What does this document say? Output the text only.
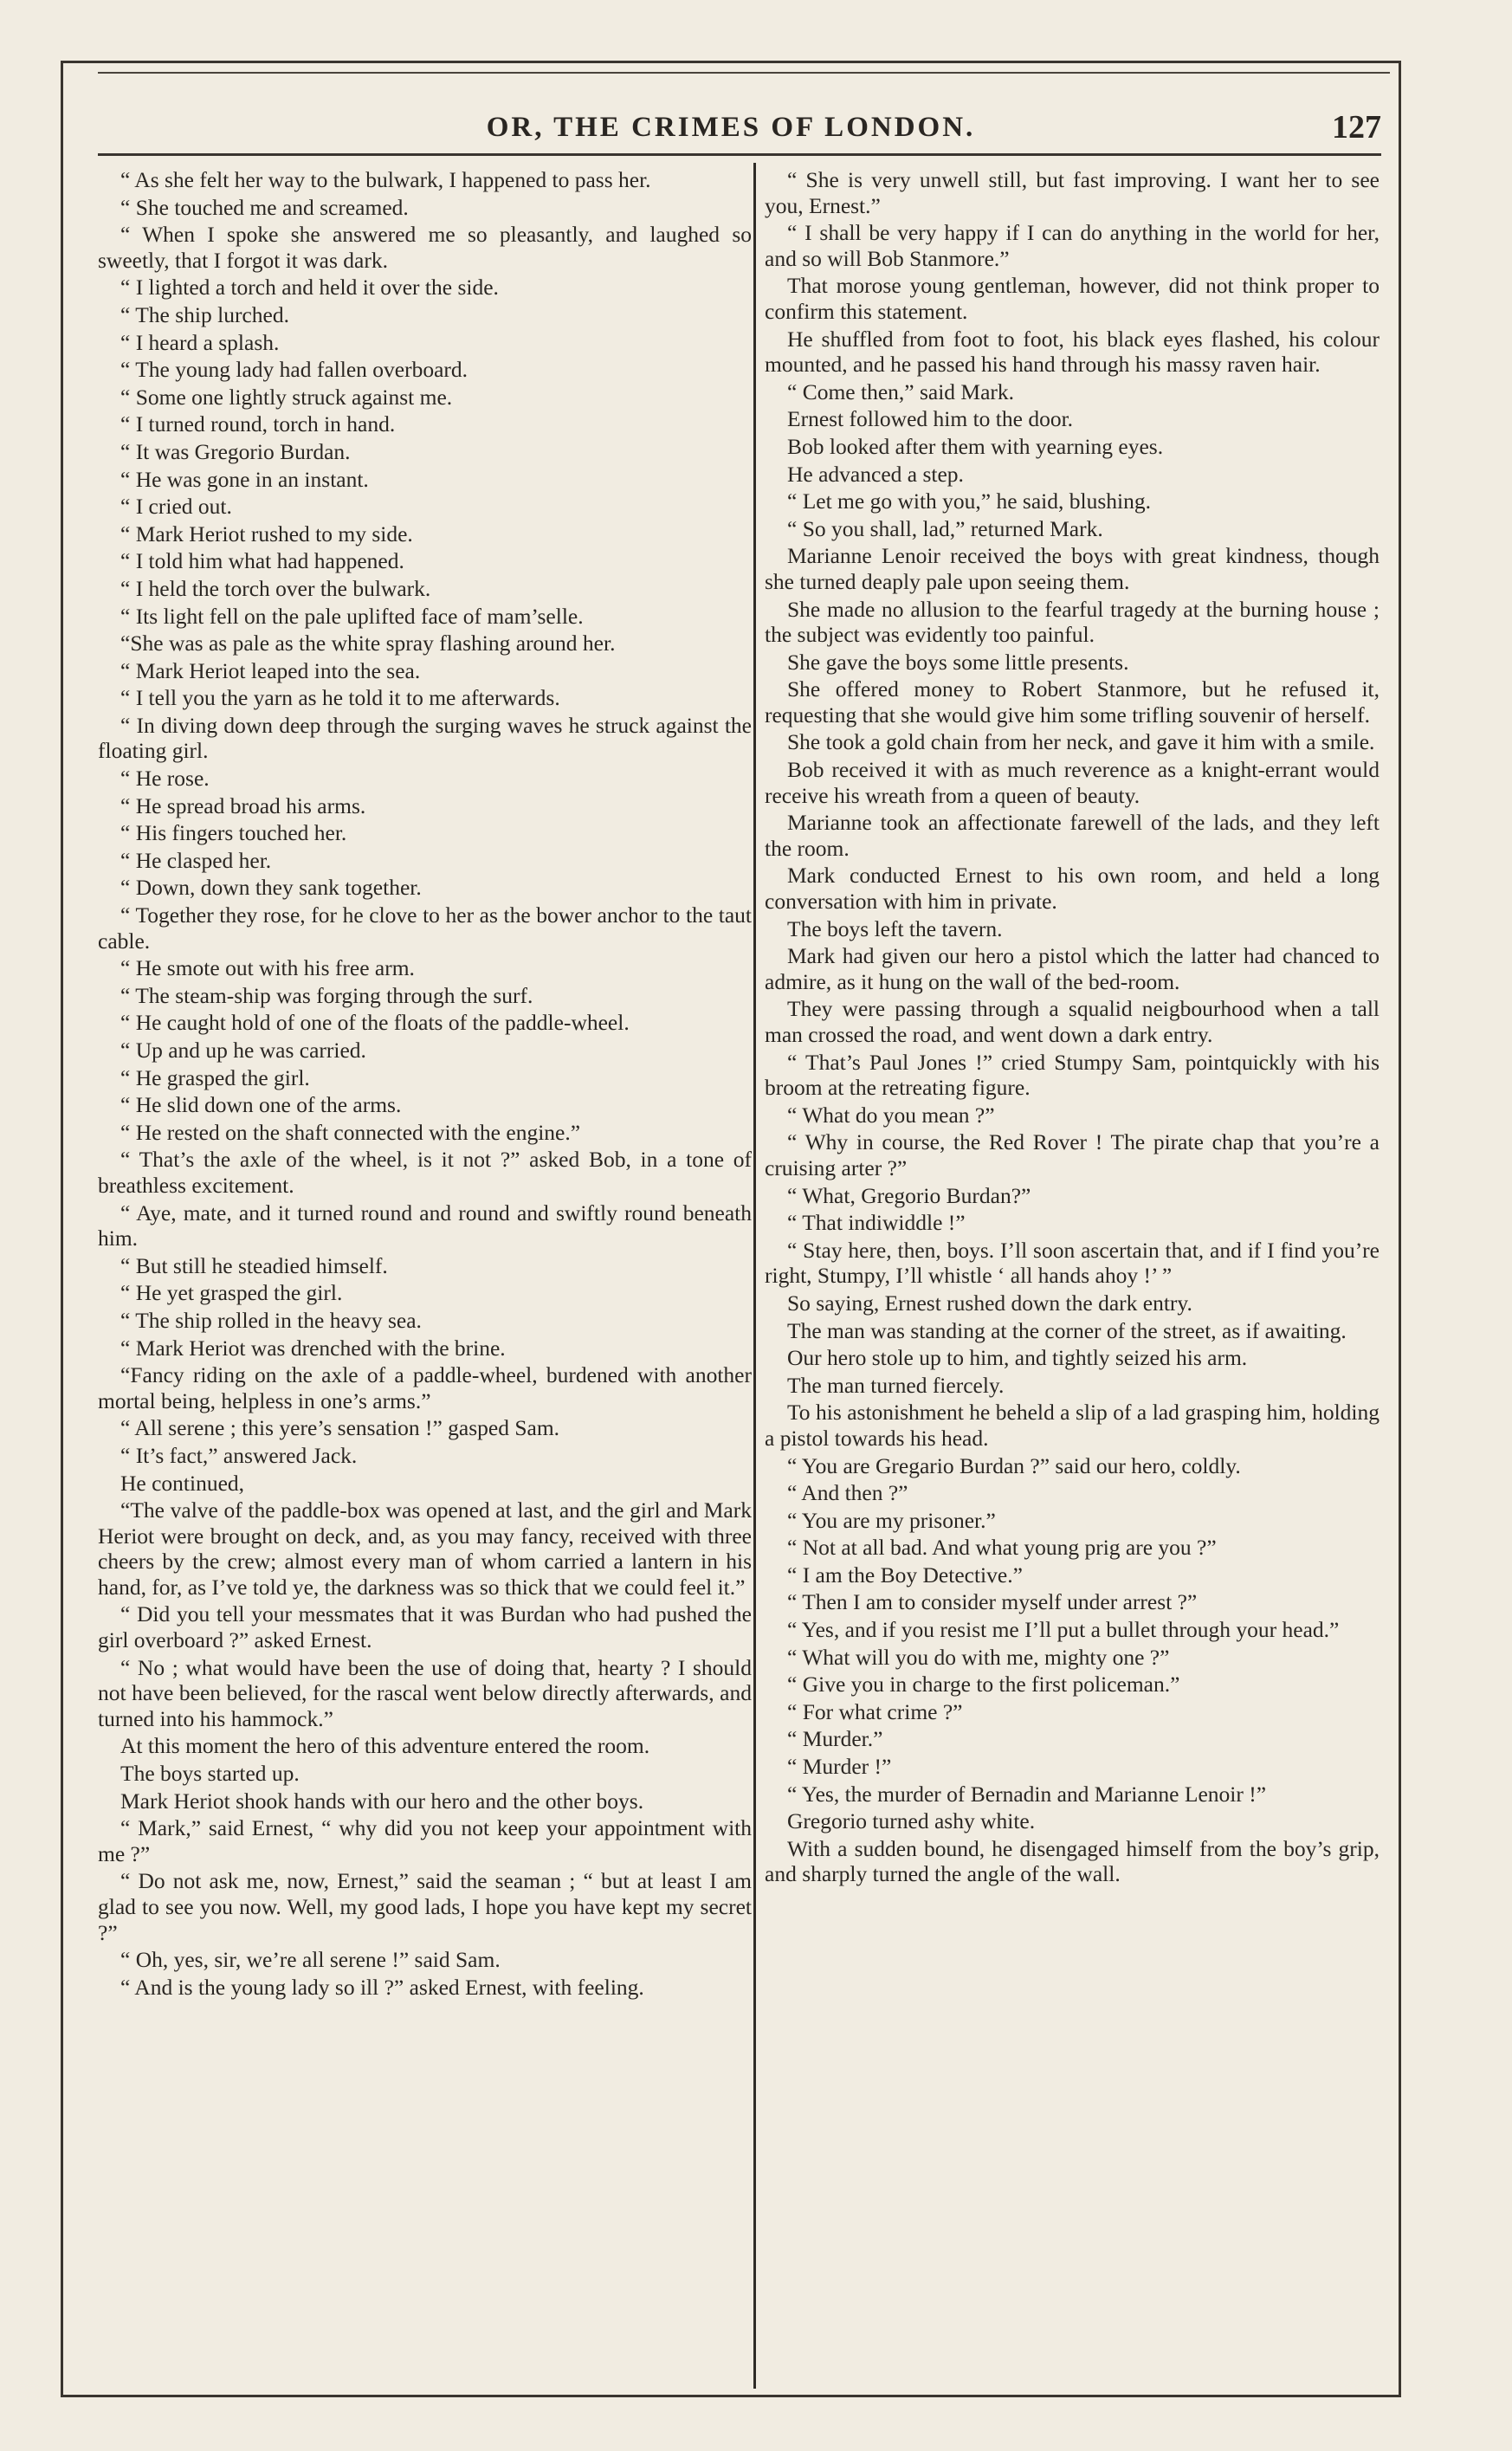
OR, THE CRIMES OF LONDON.	127

“ As she felt her way to the bulwark, I happened to pass her.

“ She touched me and screamed.

“ When I spoke she answered me so pleasantly, and laughed so sweetly, that I forgot it was dark.

“ I lighted a torch and held it over the side.

“ The ship lurched.

“ I heard a splash.

“ The young lady had fallen overboard.

“ Some one lightly struck against me.

“ I turned round, torch in hand.

“ It was Gregorio Burdan.

“ He was gone in an instant.

“ I cried out.

“ Mark Heriot rushed to my side.

“ I told him what had happened.

“ I held the torch over the bulwark.

“ Its light fell on the pale uplifted face of mam’selle.

“She was as pale as the white spray flashing around her.

“ Mark Heriot leaped into the sea.

“ I tell you the yarn as he told it to me afterwards.

“ In diving down deep through the surging waves he struck against the floating girl.

“ He rose.

“ He spread broad his arms.

“ His fingers touched her.

“ He clasped her.

“ Down, down they sank together.

“ Together they rose, for he clove to her as the bower anchor to the taut cable.

“ He smote out with his free arm.

“ The steam-ship was forging through the surf.

“ He caught hold of one of the floats of the paddle-wheel.

“ Up and up he was carried.

“ He grasped the girl.

“ He slid down one of the arms.

“ He rested on the shaft connected with the engine.”

“ That’s the axle of the wheel, is it not ?” asked Bob, in a tone of breathless excitement.

“ Aye, mate, and it turned round and round and swiftly round beneath him.

“ But still he steadied himself.

“ He yet grasped the girl.

“ The ship rolled in the heavy sea.

“ Mark Heriot was drenched with the brine.

“Fancy riding on the axle of a paddle-wheel, burdened with another mortal being, helpless in one’s arms.”

“ All serene ; this yere’s sensation !” gasped Sam.

“ It’s fact,” answered Jack.

He continued,

“The valve of the paddle-box was opened at last, and the girl and Mark Heriot were brought on deck, and, as you may fancy, received with three cheers by the crew; almost every man of whom carried a lantern in his hand, for, as I’ve told ye, the darkness was so thick that we could feel it.”

“ Did you tell your messmates that it was Burdan who had pushed the girl overboard ?” asked Ernest.

“ No ; what would have been the use of doing that, hearty ? I should not have been believed, for the rascal went below directly afterwards, and turned into his hammock.”

At this moment the hero of this adventure entered the room.

The boys started up.

Mark Heriot shook hands with our hero and the other boys.

“ Mark,” said Ernest, “ why did you not keep your appointment with me ?”

“ Do not ask me, now, Ernest,” said the seaman ; “ but at least I am glad to see you now. Well, my good lads, I hope you have kept my secret ?”

“ Oh, yes, sir, we’re all serene !” said Sam.

“ And is the young lady so ill ?” asked Ernest, with feeling.

“ She is very unwell still, but fast improving. I want her to see you, Ernest.”

“ I shall be very happy if I can do anything in the world for her, and so will Bob Stanmore.”

That morose young gentleman, however, did not think proper to confirm this statement.

He shuffled from foot to foot, his black eyes flashed, his colour mounted, and he passed his hand through his massy raven hair.

“ Come then,” said Mark.

Ernest followed him to the door.

Bob looked after them with yearning eyes.

He advanced a step.

“ Let me go with you,” he said, blushing.

“ So you shall, lad,” returned Mark.

Marianne Lenoir received the boys with great kindness, though she turned deaply pale upon seeing them.

She made no allusion to the fearful tragedy at the burning house ; the subject was evidently too painful.

She gave the boys some little presents.

She offered money to Robert Stanmore, but he refused it, requesting that she would give him some trifling souvenir of herself.

She took a gold chain from her neck, and gave it him with a smile.

Bob received it with as much reverence as a knight-errant would receive his wreath from a queen of beauty.

Marianne took an affectionate farewell of the lads, and they left the room.

Mark conducted Ernest to his own room, and held a long conversation with him in private.

The boys left the tavern.

Mark had given our hero a pistol which the latter had chanced to admire, as it hung on the wall of the bed-room.

They were passing through a squalid neigbourhood when a tall man crossed the road, and went down a dark entry.

“ That’s Paul Jones !” cried Stumpy Sam, pointquickly with his broom at the retreating figure.

“ What do you mean ?”

“ Why in course, the Red Rover ! The pirate chap that you’re a cruising arter ?”

“ What, Gregorio Burdan?”

“ That indiwiddle !”

“ Stay here, then, boys. I’ll soon ascertain that, and if I find you’re right, Stumpy, I’ll whistle ‘ all hands ahoy !’ ”

So saying, Ernest rushed down the dark entry.

The man was standing at the corner of the street, as if awaiting.

Our hero stole up to him, and tightly seized his arm.

The man turned fiercely.

To his astonishment he beheld a slip of a lad grasping him, holding a pistol towards his head.

“ You are Gregario Burdan ?” said our hero, coldly.

“ And then ?”

“ You are my prisoner.”

“ Not at all bad. And what young prig are you ?”

“ I am the Boy Detective.”

“ Then I am to consider myself under arrest ?”

“ Yes, and if you resist me I’ll put a bullet through your head.”

“ What will you do with me, mighty one ?”

“ Give you in charge to the first policeman.”

“ For what crime ?”

“ Murder.”

“ Murder !”

“ Yes, the murder of Bernadin and Marianne Lenoir !”

Gregorio turned ashy white.

With a sudden bound, he disengaged himself from the boy’s grip, and sharply turned the angle of the wall.
